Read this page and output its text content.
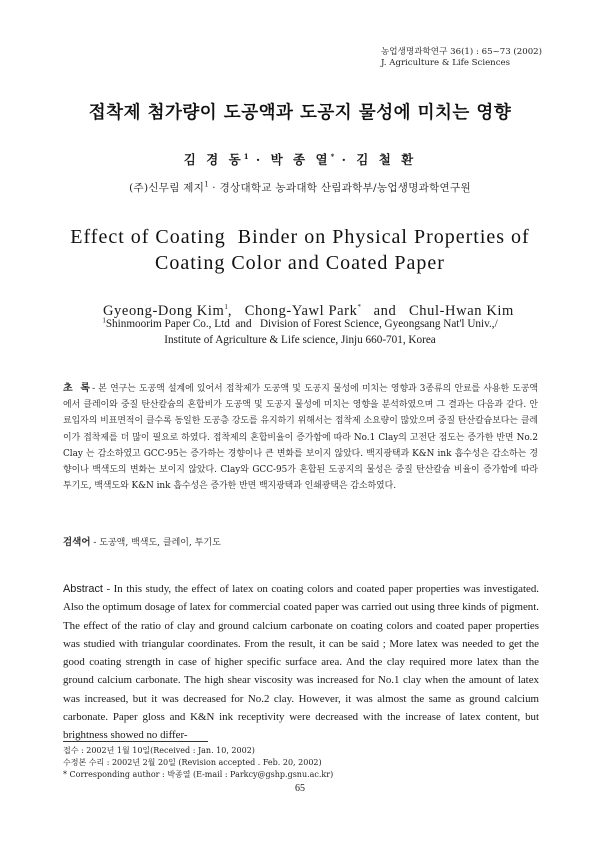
농업생명과학연구 36(1) : 65~73 (2002)
J. Agriculture & Life Sciences
접착제 첨가량이 도공액과 도공지 물성에 미치는 영향
김 경 동$^1$ · 박 종 열* · 김 철 환
(주)신무림 제지$^1$ · 경상대학교 농과대학 산림과학부/농업생명과학연구원
Effect of Coating  Binder on Physical Properties of
Coating Color and Coated Paper

Gyeong-Dong Kim$^1$,   Chong-Yawl Park*   and   Chul-Hwan Kim

$^1$Shinmoorim Paper Co., Ltd  and   Division of Forest Science, Gyeongsang Nat'l Univ.,/
Institute of Agriculture & Life science, Jinju 660-701, Korea
초  록 - 본 연구는 도공액 설계에 있어서 접착제가 도공액 및 도공지 물성에 미치는 영향과 3종류의 안료를 사용한 도공액에서 클레이와 중질 탄산칼슘의 혼합비가 도공액 및 도공지 물성에 미치는 영향을 분석하였으며 그 결과는 다음과 같다. 안료입자의 비표면적이 클수록 동일한 도공층 강도를 유지하기 위해서는 접착제 소요량이 많았으며 중질 탄산칼슘보다는 클레이가 접착제를 더 많이 필요로 하였다. 접착제의 혼합비율이 증가함에 따라 No.1 Clay의 고전단 점도는 증가한 반면 No.2 Clay 는 감소하였고 GCC-95는 증가하는 경향이나 큰 변화를 보이지 않았다. 백지광택과 K&N ink 흡수성은 감소하는 경향이나 백색도의 변화는 보이지 않았다. Clay와 GCC-95가 혼합된 도공지의 물성은 중질 탄산칼슘 비율이 증가함에 따라 투기도, 백색도와 K&N ink 흡수성은 증가한 반면 백지광택과 인쇄광택은 감소하였다.
검색어 - 도공액, 백색도, 클레이, 투기도
Abstract - In this study, the effect of latex on coating colors and coated paper properties was investigated. Also the optimum dosage of latex for commercial coated paper was carried out using three kinds of pigment. The effect of the ratio of clay and ground calcium carbonate on coating colors and coated paper properties was studied with triangular coordinates. From the result, it can be said ; More latex was needed to get the good coating strength in case of higher specific surface area. And the clay required more latex than the ground calcium carbonate. The high shear viscosity was increased for No.1 clay when the amount of latex was increased, but it was decreased for No.2 clay. However, it was almost the same as ground calcium carbonate. Paper gloss and K&N ink receptivity were decreased with the increase of latex content, but brightness showed no differ-
접수 : 2002년 1월 10일(Received : Jan. 10, 2002)
수정본 수리 : 2002년 2월 20일 (Revision accepted . Feb. 20, 2002)
* Corresponding author : 박종열 (E-mail : Parkcy@gshp.gsnu.ac.kr)
65
